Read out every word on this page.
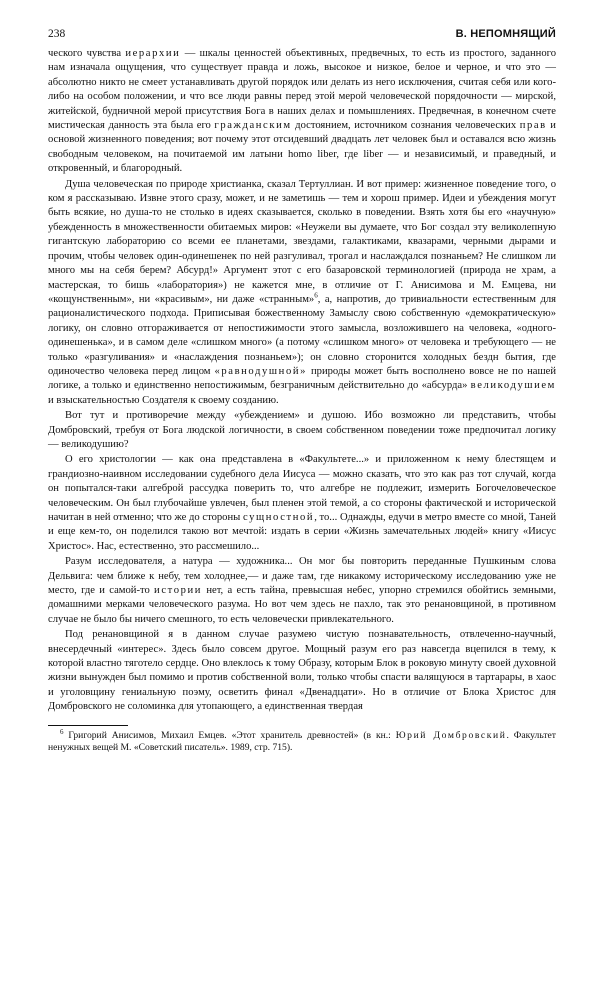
238	В. НЕПОМНЯЩИЙ

ческого чувства иерархии — шкалы ценностей объективных, предвечных, то есть из простого, заданного нам изначала ощущения, что существует правда и ложь, высокое и низкое, белое и черное, и что это — абсолютно никто не смеет устанавливать другой порядок или делать из него исключения, считая себя или кого-либо на особом положении, и что все люди равны перед этой мерой человеческой порядочности — мирской, житейской, будничной мерой присутствия Бога в наших делах и помышлениях. Предвечная, в конечном счете мистическая данность эта была его гражданским достоянием, источником сознания человеческих прав и основой жизненного поведения; вот почему этот отсидевший двадцать лет человек был и оставался всю жизнь свободным человеком, на почитаемой им латыни homo liber, где liber — и независимый, и праведный, и откровенный, и благородный.

Душа человеческая по природе христианка, сказал Тертуллиан. И вот пример: жизненное поведение того, о ком я рассказываю. Извне этого сразу, может, и не заметишь — тем и хорош пример. Идеи и убеждения могут быть всякие, но душа-то не столько в идеях сказывается, сколько в поведении. Взять хотя бы его «научную» убежденность в множественности обитаемых миров: «Неужели вы думаете, что Бог создал эту великолепную гигантскую лабораторию со всеми ее планетами, звездами, галактиками, квазарами, черными дырами и прочим, чтобы человек один-одинешенек по ней разгуливал, трогал и наслаждался познаньем? Не слишком ли много мы на себя берем? Абсурд!» Аргумент этот с его базаровской терминологией (природа не храм, а мастерская, то бишь «лаборатория») не кажется мне, в отличие от Г. Анисимова и М. Емцева, ни «кощунственным», ни «красивым», ни даже «странным»$^6$, а, напротив, до тривиальности естественным для рационалистического подхода. Приписывая божественному Замыслу свою собственную «демократическую» логику, он словно отгораживается от непостижимости этого замысла, возложившего на человека, «одного-одинешенька», и в самом деле «слишком много» (а потому «слишком много» от человека и требующего — не только «разгуливания» и «наслаждения познаньем»); он словно сторонится холодных бездн бытия, где одиночество человека перед лицом «равнодушной» природы может быть восполнено вовсе не по нашей логике, а только и единственно непостижимым, безграничным действительно до «абсурда» великодушием и взыскательностью Создателя к своему созданию.

Вот тут и противоречие между «убеждением» и душою. Ибо возможно ли представить, чтобы Домбровский, требуя от Бога людской логичности, в своем собственном поведении тоже предпочитал логику — великодушию?

О его христологии — как она представлена в «Факультете...» и приложенном к нему блестящем и грандиозно-наивном исследовании судебного дела Иисуса — можно сказать, что это как раз тот случай, когда он попытался-таки алгеброй рассудка поверить то, что алгебре не подлежит, измерить Богочеловеческое человеческим. Он был глубочайше увлечен, был пленен этой темой, а со стороны фактической и исторической начитан в ней отменно; что же до стороны сущностной, то... Однажды, едучи в метро вместе со мной, Таней и еще кем-то, он поделился такою вот мечтой: издать в серии «Жизнь замечательных людей» книгу «Иисус Христос». Нас, естественно, это рассмешило...

Разум исследователя, а натура — художника... Он мог бы повторить переданные Пушкиным слова Дельвига: чем ближе к небу, тем холоднее,— и даже там, где никакому историческому исследованию уже не место, где и самой-то истории нет, а есть тайна, превысшая небес, упорно стремился обойтись земными, домашними мерками человеческого разума. Но вот чем здесь не пахло, так это ренановщиной, в противном случае не было бы ничего смешного, то есть человечески привлекательного.

Под ренановщиной я в данном случае разумею чистую познавательность, отвлеченно-научный, внесердечный «интерес». Здесь было совсем другое. Мощный разум его раз навсегда вцепился в тему, к которой властно тяготело сердце. Оно влеклось к тому Образу, которым Блок в роковую минуту своей духовной жизни вынужден был помимо и против собственной воли, только чтобы спасти валящуюся в тартарары, в хаос и уголовщину гениальную поэму, осветить финал «Двенадцати». Но в отличие от Блока Христос для Домбровского не соломинка для утопающего, а единственная твердая

$^6$ Григорий Анисимов, Михаил Емцев. «Этот хранитель древностей» (в кн.: Юрий Домбровский. Факультет ненужных вещей М. «Советский писатель». 1989, стр. 715).
